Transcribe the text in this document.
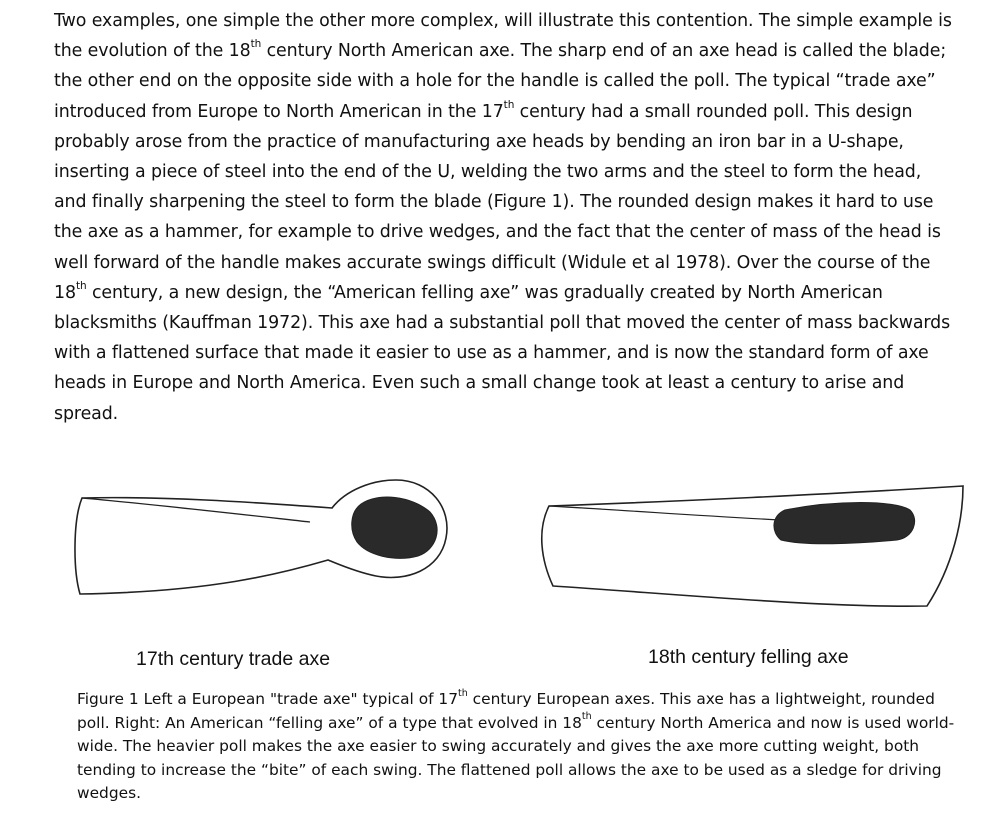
Two examples, one simple the other more complex, will illustrate this contention. The simple example is
the evolution of the 18th century North American axe. The sharp end of an axe head is called the blade;
the other end on the opposite side with a hole for the handle is called the poll. The typical “trade axe”
introduced from Europe to North American in the 17th century had a small rounded poll. This design
probably arose from the practice of manufacturing axe heads by bending an iron bar in a U-shape,
inserting a piece of steel into the end of the U, welding the two arms and the steel to form the head,
and finally sharpening the steel to form the blade (Figure 1). The rounded design makes it hard to use
the axe as a hammer, for example to drive wedges, and the fact that the center of mass of the head is
well forward of the handle makes accurate swings difficult (Widule et al 1978). Over the course of the
18th century, a new design, the “American felling axe” was gradually created by North American
blacksmiths (Kauffman 1972). This axe had a substantial poll that moved the center of mass backwards
with a flattened surface that made it easier to use as a hammer, and is now the standard form of axe
heads in Europe and North America. Even such a small change took at least a century to arise and
spread.
17th century trade axe	18th century felling axe
Figure 1 Left a European "trade axe" typical of 17th century European axes. This axe has a lightweight, rounded
poll. Right: An American “felling axe” of a type that evolved in 18th century North America and now is used world-
wide. The heavier poll makes the axe easier to swing accurately and gives the axe more cutting weight, both
tending to increase the “bite” of each swing. The flattened poll allows the axe to be used as a sledge for driving
wedges.
